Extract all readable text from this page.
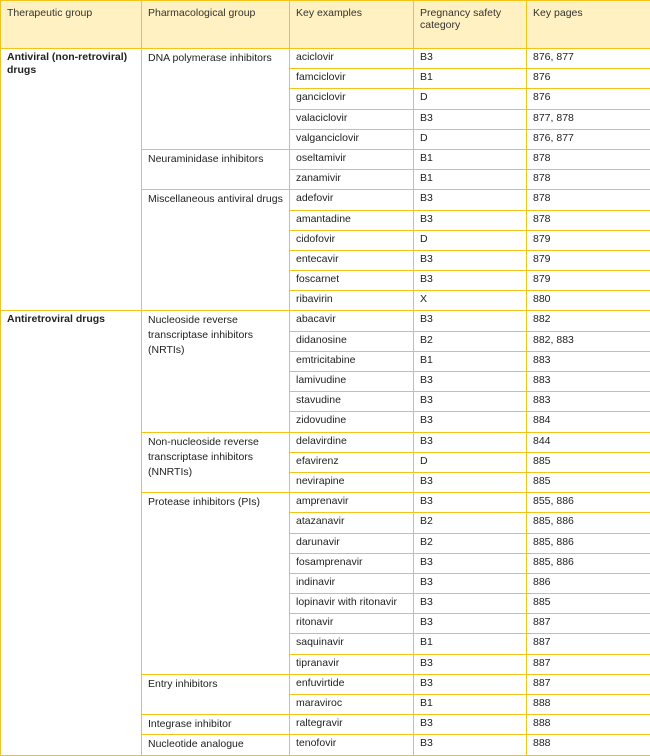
Therapeutic group	Pharmacological group	Key examples	Pregnancy safety category	Key pages
Antiviral (non-retroviral) drugs	DNA polymerase inhibitors	aciclovir	B3	876, 877
		famciclovir	B1	876
		ganciclovir	D	876
		valaciclovir	B3	877, 878
		valganciclovir	D	876, 877
	Neuraminidase inhibitors	oseltamivir	B1	878
		zanamivir	B1	878
	Miscellaneous antiviral drugs	adefovir	B3	878
		amantadine	B3	878
		cidofovir	D	879
		entecavir	B3	879
		foscarnet	B3	879
		ribavirin	X	880
Antiretroviral drugs	Nucleoside reverse transcriptase inhibitors (NRTIs)	abacavir	B3	882
		didanosine	B2	882, 883
		emtricitabine	B1	883
		lamivudine	B3	883
		stavudine	B3	883
		zidovudine	B3	884
	Non-nucleoside reverse transcriptase inhibitors (NNRTIs)	delavirdine	B3	844
		efavirenz	D	885
		nevirapine	B3	885
	Protease inhibitors (PIs)	amprenavir	B3	855, 886
		atazanavir	B2	885, 886
		darunavir	B2	885, 886
		fosamprenavir	B3	885, 886
		indinavir	B3	886
		lopinavir with ritonavir	B3	885
		ritonavir	B3	887
		saquinavir	B1	887
		tipranavir	B3	887
	Entry inhibitors	enfuvirtide	B3	887
		maraviroc	B1	888
	Integrase inhibitor	raltegravir	B3	888
	Nucleotide analogue	tenofovir	B3	888
